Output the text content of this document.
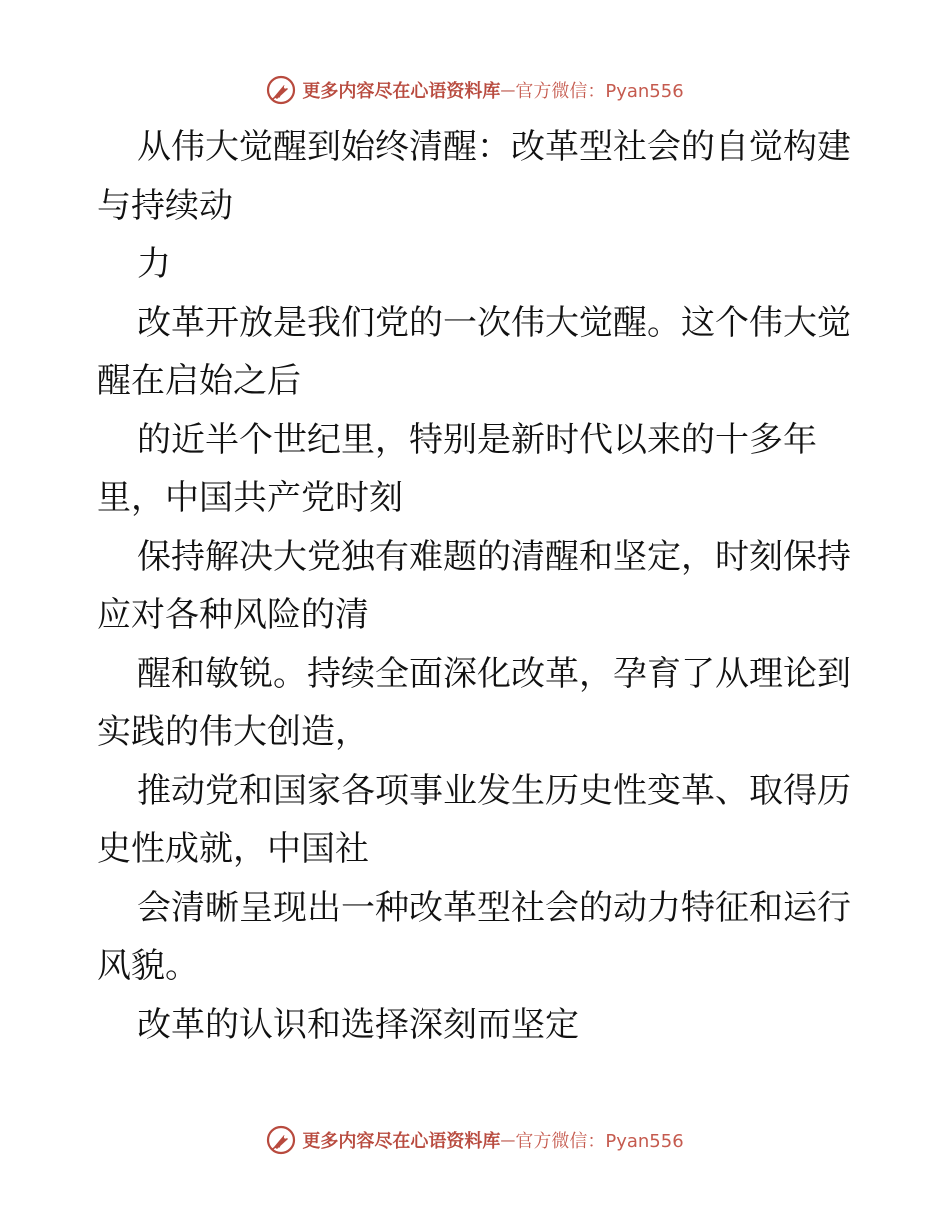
更多内容尽在心语资料库 — 官方微信：Pyan556
从伟大觉醒到始终清醒：改革型社会的自觉构建
与持续动
力
改革开放是我们党的一次伟大觉醒。这个伟大觉
醒在启始之后
的近半个世纪里，特别是新时代以来的十多年
里，中国共产党时刻
保持解决大党独有难题的清醒和坚定，时刻保持
应对各种风险的清
醒和敏锐。持续全面深化改革，孕育了从理论到
实践的伟大创造，
推动党和国家各项事业发生历史性变革、取得历
史性成就，中国社
会清晰呈现出一种改革型社会的动力特征和运行
风貌。
改革的认识和选择深刻而坚定
更多内容尽在心语资料库 — 官方微信：Pyan556
